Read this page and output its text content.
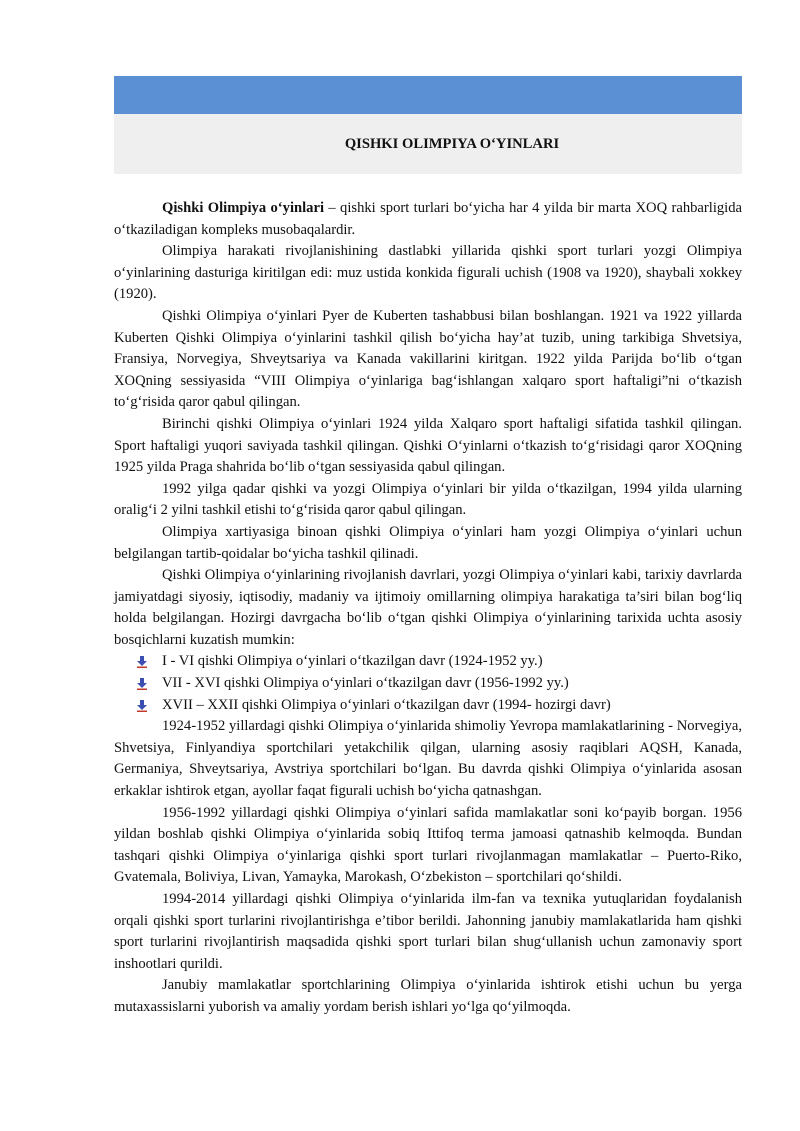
QISHKI OLIMPIYA O‘YINLARI

Qishki Olimpiya o‘yinlari – qishki sport turlari bo‘yicha har 4 yilda bir marta XOQ rahbarligida o‘tkaziladigan kompleks musobaqalardir.

Olimpiya harakati rivojlanishining dastlabki yillarida qishki sport turlari yozgi Olimpiya o‘yinlarining dasturiga kiritilgan edi: muz ustida konkida figurali uchish (1908 va 1920), shaybali xokkey (1920).

Qishki Olimpiya o‘yinlari Pyer de Kuberten tashabbusi bilan boshlangan. 1921 va 1922 yillarda Kuberten Qishki Olimpiya o‘yinlarini tashkil qilish bo‘yicha hay’at tuzib, uning tarkibiga Shvetsiya, Fransiya, Norvegiya, Shveytsariya va Kanada vakillarini kiritgan. 1922 yilda Parijda bo‘lib o‘tgan XOQning sessiyasida “VIII Olimpiya o‘yinlariga bag‘ishlangan xalqaro sport haftaligi”ni o‘tkazish to‘g‘risida qaror qabul qilingan.

Birinchi qishki Olimpiya o‘yinlari 1924 yilda Xalqaro sport haftaligi sifatida tashkil qilingan. Sport haftaligi yuqori saviyada tashkil qilingan. Qishki O‘yinlarni o‘tkazish to‘g‘risidagi qaror XOQning 1925 yilda Praga shahrida bo‘lib o‘tgan sessiyasida qabul qilingan.

1992 yilga qadar qishki va yozgi Olimpiya o‘yinlari bir yilda o‘tkazilgan, 1994 yilda ularning oralig‘i 2 yilni tashkil etishi to‘g‘risida qaror qabul qilingan.

Olimpiya xartiyasiga binoan qishki Olimpiya o‘yinlari ham yozgi Olimpiya o‘yinlari uchun belgilangan tartib-qoidalar bo‘yicha tashkil qilinadi.

Qishki Olimpiya o‘yinlarining rivojlanish davrlari, yozgi Olimpiya o‘yinlari kabi, tarixiy davrlarda jamiyatdagi siyosiy, iqtisodiy, madaniy va ijtimoiy omillarning olimpiya harakatiga ta’siri bilan bog‘liq holda belgilangan. Hozirgi davrgacha bo‘lib o‘tgan qishki Olimpiya o‘yinlarining tarixida uchta asosiy bosqichlarni kuzatish mumkin:

I - VI qishki Olimpiya o‘yinlari o‘tkazilgan davr (1924-1952 yy.)
VII - XVI qishki Olimpiya o‘yinlari o‘tkazilgan davr (1956-1992 yy.)
XVII – XXII qishki Olimpiya o‘yinlari o‘tkazilgan davr (1994- hozirgi davr)

1924-1952 yillardagi qishki Olimpiya o‘yinlarida shimoliy Yevropa mamlakatlarining - Norvegiya, Shvetsiya, Finlyandiya sportchilari yetakchilik qilgan, ularning asosiy raqiblari AQSH, Kanada, Germaniya, Shveytsariya, Avstriya sportchilari bo‘lgan. Bu davrda qishki Olimpiya o‘yinlarida asosan erkaklar ishtirok etgan, ayollar faqat figurali uchish bo‘yicha qatnashgan.

1956-1992 yillardagi qishki Olimpiya o‘yinlari safida mamlakatlar soni ko‘payib borgan. 1956 yildan boshlab qishki Olimpiya o‘yinlarida sobiq Ittifoq terma jamoasi qatnashib kelmoqda. Bundan tashqari qishki Olimpiya o‘yinlariga qishki sport turlari rivojlanmagan mamlakatlar – Puerto-Riko, Gvatemala, Boliviya, Livan, Yamayka, Marokash, O‘zbekiston – sportchilari qo‘shildi.

1994-2014 yillardagi qishki Olimpiya o‘yinlarida ilm-fan va texnika yutuqlaridan foydalanish orqali qishki sport turlarini rivojlantirishga e’tibor berildi. Jahonning janubiy mamlakatlarida ham qishki sport turlarini rivojlantirish maqsadida qishki sport turlari bilan shug‘ullanish uchun zamonaviy sport inshootlari qurildi.

Janubiy mamlakatlar sportchlarining Olimpiya o‘yinlarida ishtirok etishi uchun bu yerga mutaxassislarni yuborish va amaliy yordam berish ishlari yo‘lga qo‘yilmoqda.
